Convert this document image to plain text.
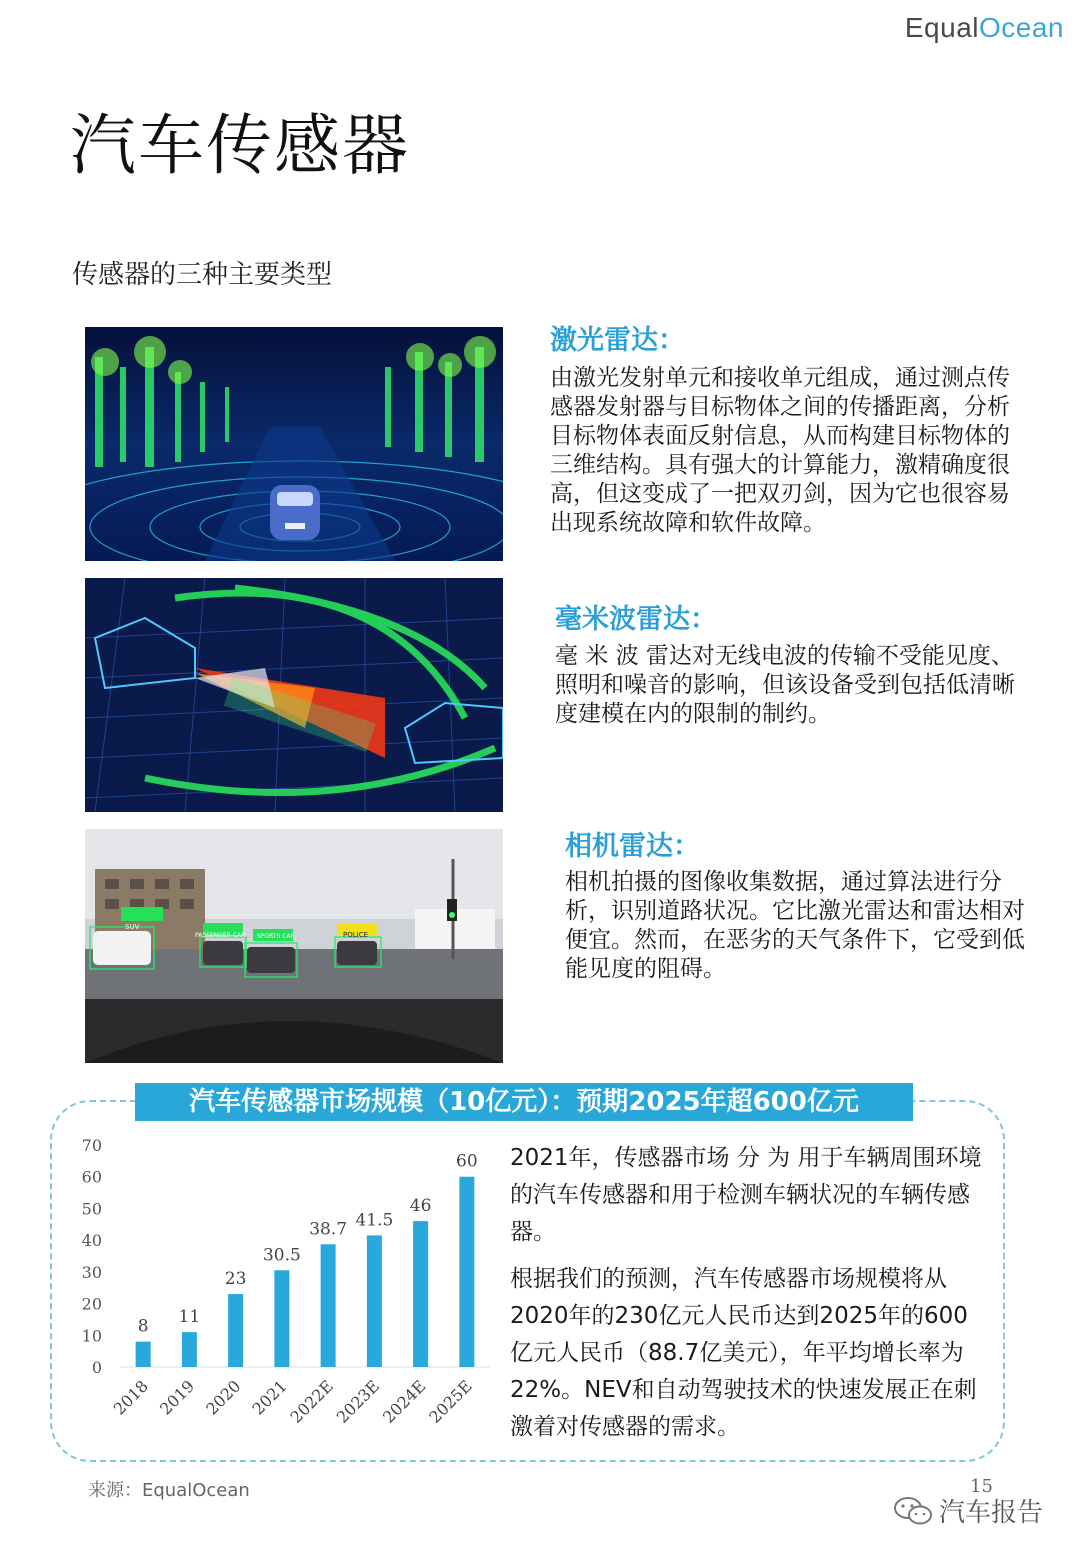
EqualOcean
汽车传感器
传感器的三种主要类型
SUV
PASSENGER CAR SPORTS CAR	POLICE
激光雷达：
由激光发射单元和接收单元组成，通过测点传感器发射器与目标物体之间的传播距离，分析目标物体表面反射信息，从而构建目标物体的三维结构。具有强大的计算能力，激精确度很高，但这变成了一把双刃剑，因为它也很容易出现系统故障和软件故障。
毫米波雷达：
毫 米 波 雷达对无线电波的传输不受能见度、照明和噪音的影响，但该设备受到包括低清晰度建模在内的限制的制约。
相机雷达：
相机拍摄的图像收集数据，通过算法进行分析，识别道路状况。它比激光雷达和雷达相对便宜。然而，在恶劣的天气条件下，它受到低能见度的阻碍。
汽车传感器市场规模（10亿元）：预期2025年超600亿元
0
10
20
30
40
50
60
70
8
2018
11
2019
23
2020
30.5
2021
38.7
2022E
41.5
2023E
46
2024E
60
2025E

2021年，传感器市场 分 为 用于车辆周围环境的汽车传感器和用于检测车辆状况的车辆传感器。

根据我们的预测，汽车传感器市场规模将从2020年的230亿元人民币达到2025年的600亿元人民币（88.7亿美元），年平均增长率为22%。NEV和自动驾驶技术的快速发展正在刺激着对传感器的需求。

来源：EqualOcean	15
汽车报告
